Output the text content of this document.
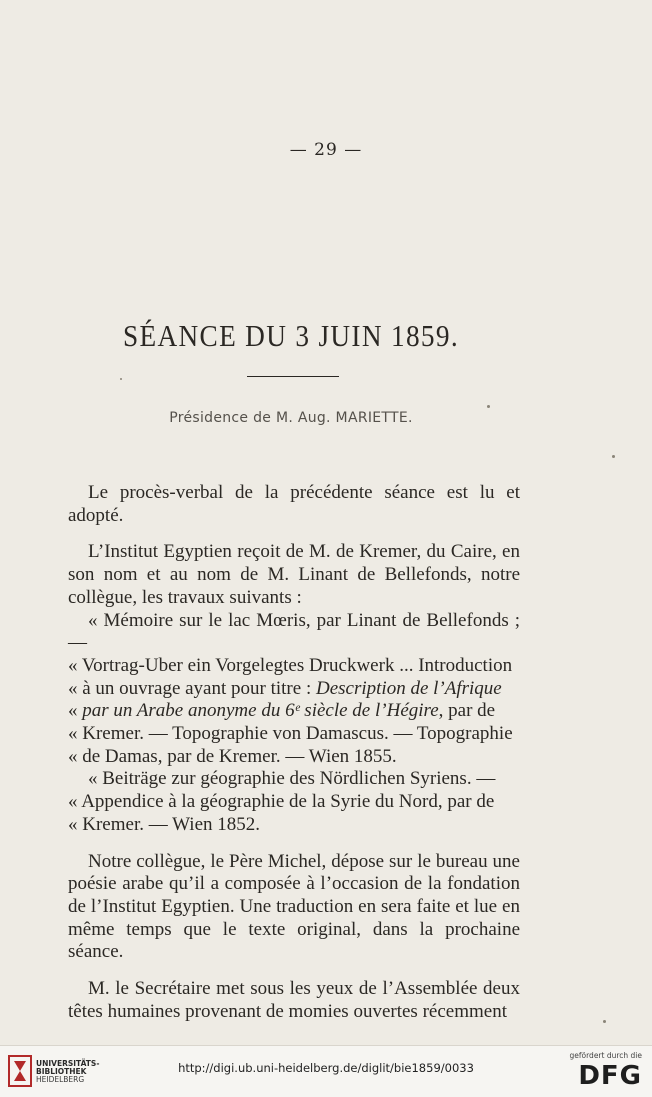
— 29 —
SÉANCE DU 3 JUIN 1859.
Présidence de M. Aug. MARIETTE.

Le procès-verbal de la précédente séance est lu et adopté.

L’Institut Egyptien reçoit de M. de Kremer, du Caire, en son nom et au nom de M. Linant de Bellefonds, notre collègue, les travaux suivants :

« Mémoire sur le lac Mœris, par Linant de Bellefonds ; —
« Vortrag-Uber ein Vorgelegtes Druckwerk ... Introduction
« à un ouvrage ayant pour titre : Description de l’Afrique
« par un Arabe anonyme du 6ᵉ siècle de l’Hégire, par de
« Kremer. — Topographie von Damascus. — Topographie
« de Damas, par de Kremer. — Wien 1855.

« Beiträge zur géographie des Nördlichen Syriens. —
« Appendice à la géographie de la Syrie du Nord, par de
« Kremer. — Wien 1852.

Notre collègue, le Père Michel, dépose sur le bureau une poésie arabe qu’il a composée à l’occasion de la fondation de l’Institut Egyptien. Une traduction en sera faite et lue en même temps que le texte original, dans la prochaine séance.

M. le Secrétaire met sous les yeux de l’Assemblée deux têtes humaines provenant de momies ouvertes récemment

UNIVERSITÄTS-
BIBLIOTHEK
HEIDELBERG
http://digi.ub.uni-heidelberg.de/diglit/bie1859/0033
gefördert durch die
DFG
